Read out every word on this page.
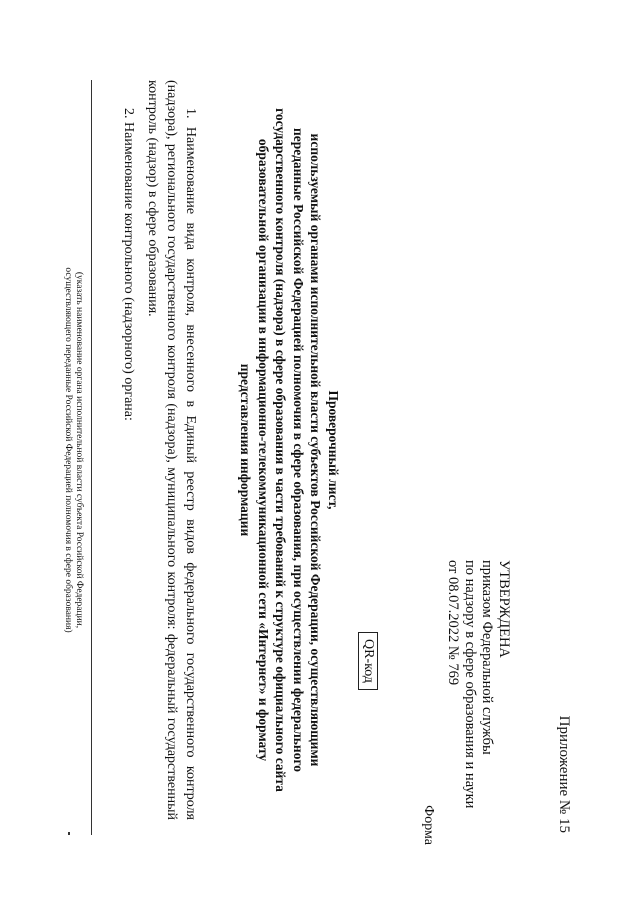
Приложение № 15
УТВЕРЖДЕНА
приказом Федеральной службы
по надзору в сфере образования и науки
от 08.07.2022 № 769
Форма
QR-код
Проверочный лист,
используемый органами исполнительной власти субъектов Российской Федерации, осуществляющими
переданные Российской Федерацией полномочия в сфере образования, при осуществлении федерального
государственного контроля (надзора) в сфере образования в части требований к структуре официального сайта
образовательной организации в информационно-телекоммуникационной сети «Интернет» и формату
представления информации
1. Наименование вида контроля, внесенного в Единый реестр видов федерального государственного контроля (надзора), регионального государственного контроля (надзора), муниципального контроля: федеральный государственный контроль (надзор) в сфере образования.
2. Наименование контрольного (надзорного) органа:
(указать наименование органа исполнительной власти субъекта Российской Федерации,
осуществляющего переданные Российской Федерацией полномочия в сфере образования)
